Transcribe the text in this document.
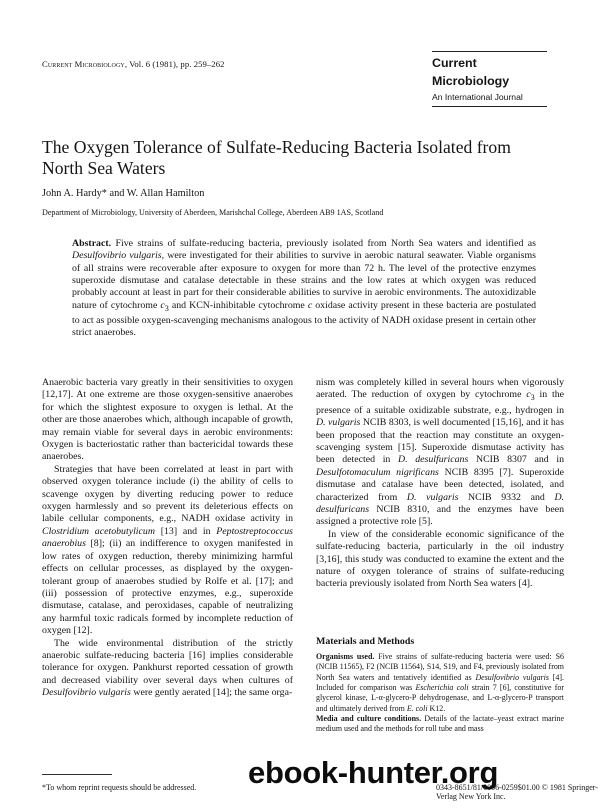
Current Microbiology, Vol. 6 (1981), pp. 259–262	Current
Microbiology
An International Journal
The Oxygen Tolerance of Sulfate-Reducing Bacteria Isolated from North Sea Waters
John A. Hardy* and W. Allan Hamilton
Department of Microbiology, University of Aberdeen, Marishchal College, Aberdeen AB9 1AS, Scotland
Abstract. Five strains of sulfate-reducing bacteria, previously isolated from North Sea waters and identified as Desulfovibrio vulgaris, were investigated for their abilities to survive in aerobic natural seawater. Viable organisms of all strains were recoverable after exposure to oxygen for more than 72 h. The level of the protective enzymes superoxide dismutase and catalase detectable in these strains and the low rates at which oxygen was reduced probably account at least in part for their considerable abilities to survive in aerobic environments. The autoxidizable nature of cytochrome $c_3$ and KCN-inhibitable cytochrome c oxidase activity present in these bacteria are postulated to act as possible oxygen-scavenging mechanisms analogous to the activity of NADH oxidase present in certain other strict anaerobes.

Anaerobic bacteria vary greatly in their sensitivities to oxygen [12,17]. At one extreme are those oxygen-sensitive anaerobes for which the slightest exposure to oxygen is lethal. At the other are those anaerobes which, although incapable of growth, may remain viable for several days in aerobic environments: Oxygen is bacteriostatic rather than bactericidal towards these anaerobes.

Strategies that have been correlated at least in part with observed oxygen tolerance include (i) the ability of cells to scavenge oxygen by diverting reducing power to reduce oxygen harmlessly and so prevent its deleterious effects on labile cellular components, e.g., NADH oxidase activity in Clostridium acetobutylicum [13] and in Peptostreptococcus anaerobius [8]; (ii) an indifference to oxygen manifested in low rates of oxygen reduction, thereby minimizing harmful effects on cellular processes, as displayed by the oxygen-tolerant group of anaerobes studied by Rolfe et al. [17]; and (iii) possession of protective enzymes, e.g., superoxide dismutase, catalase, and peroxidases, capable of neutralizing any harmful toxic radicals formed by incomplete reduction of oxygen [12].

The wide environmental distribution of the strictly anaerobic sulfate-reducing bacteria [16] implies considerable tolerance for oxygen. Pankhurst reported cessation of growth and decreased viability over several days when cultures of Desulfovibrio vulgaris were gently aerated [14]; the same orga-

nism was completely killed in several hours when vigorously aerated. The reduction of oxygen by cytochrome $c_3$ in the presence of a suitable oxidizable substrate, e.g., hydrogen in D. vulgaris NCIB 8303, is well documented [15,16], and it has been proposed that the reaction may constitute an oxygen-scavenging system [15]. Superoxide dismutase activity has been detected in D. desulfuricans NCIB 8307 and in Desulfotomaculum nigrificans NCIB 8395 [7]. Superoxide dismutase and catalase have been detected, isolated, and characterized from D. vulgaris NCIB 9332 and D. desulfuricans NCIB 8310, and the enzymes have been assigned a protective role [5].

In view of the considerable economic significance of the sulfate-reducing bacteria, particularly in the oil industry [3,16], this study was conducted to examine the extent and the nature of oxygen tolerance of strains of sulfate-reducing bacteria previously isolated from North Sea waters [4].

Materials and Methods

Organisms used. Five strains of sulfate-reducing bacteria were used: S6 (NCIB 11565), F2 (NCIB 11564), S14, S19, and F4, previously isolated from North Sea waters and tentatively identified as Desulfovibrio vulgaris [4]. Included for comparison was Escherichia coli strain 7 [6], constitutive for glycerol kinase, L-α-glycero-P dehydrogenase, and L-α-glycero-P transport and ultimately derived from E. coli K12.

Media and culture conditions. Details of the lactate–yeast extract marine medium used and the methods for roll tube and mass

*To whom reprint requests should be addressed.	0343-8651/81/0006-0259$01.00 © 1981 Springer-Verlag New York Inc.
ebook-hunter.org
